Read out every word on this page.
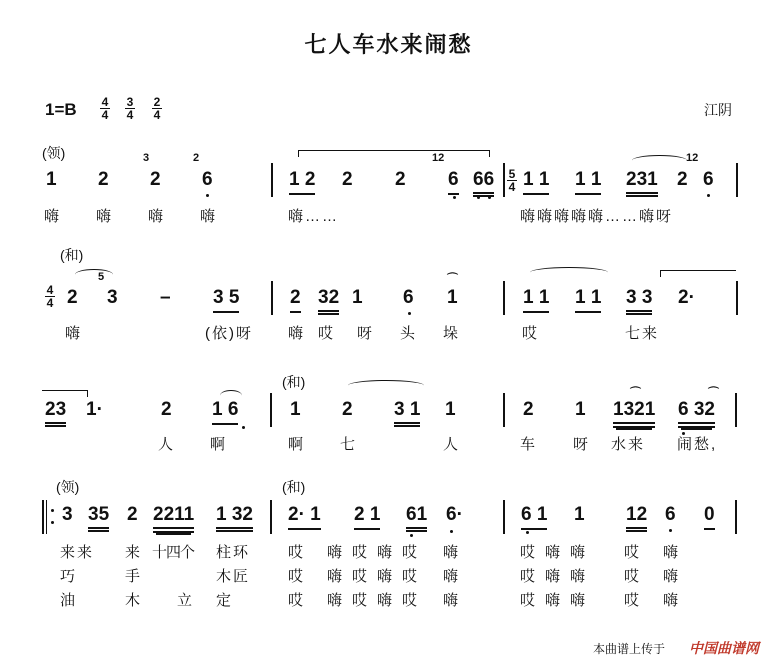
七人车水来闹愁
$1=B \frac{4}{4} \frac{3}{4} \frac{2}{4}$	江阴
(领)
1 2
3
2
2
6	1 2 2 2
12
6 $66 \frac{5}{4} 1$ 1 1 1 231 2
12
6
嗨 嗨 嗨 嗨	嗨……	嗨嗨嗨嗨嗨……嗨呀
(和)
$\frac{4}{4} 2$
5
3 – 3 5	2 32 1 6 1
⌒
1 1 1 1 3 3 2·
嗨	(依)呀 嗨 哎 呀 头 垛	哎	七来
(和)
23 1·	2 1 6	1 2 3 1 1	2 1
⌒
1321
⌒
6 32
人 啊	啊 七	人	车 呀 水来 闹愁,
(领)	(和)
3 35 2 2211 1 32 2· 1 2 1 61 6·	6 1 1 12 6 0
来来 来 十四个 柱环	哎 嗨哎嗨哎 嗨	哎嗨嗨 哎 嗨
巧	手	木匠	哎 嗨哎嗨哎 嗨	哎嗨嗨 哎 嗨
油	木 立 定	哎 嗨哎嗨哎 嗨	哎嗨嗨 哎 嗨
本曲谱上传于 中国曲谱网
